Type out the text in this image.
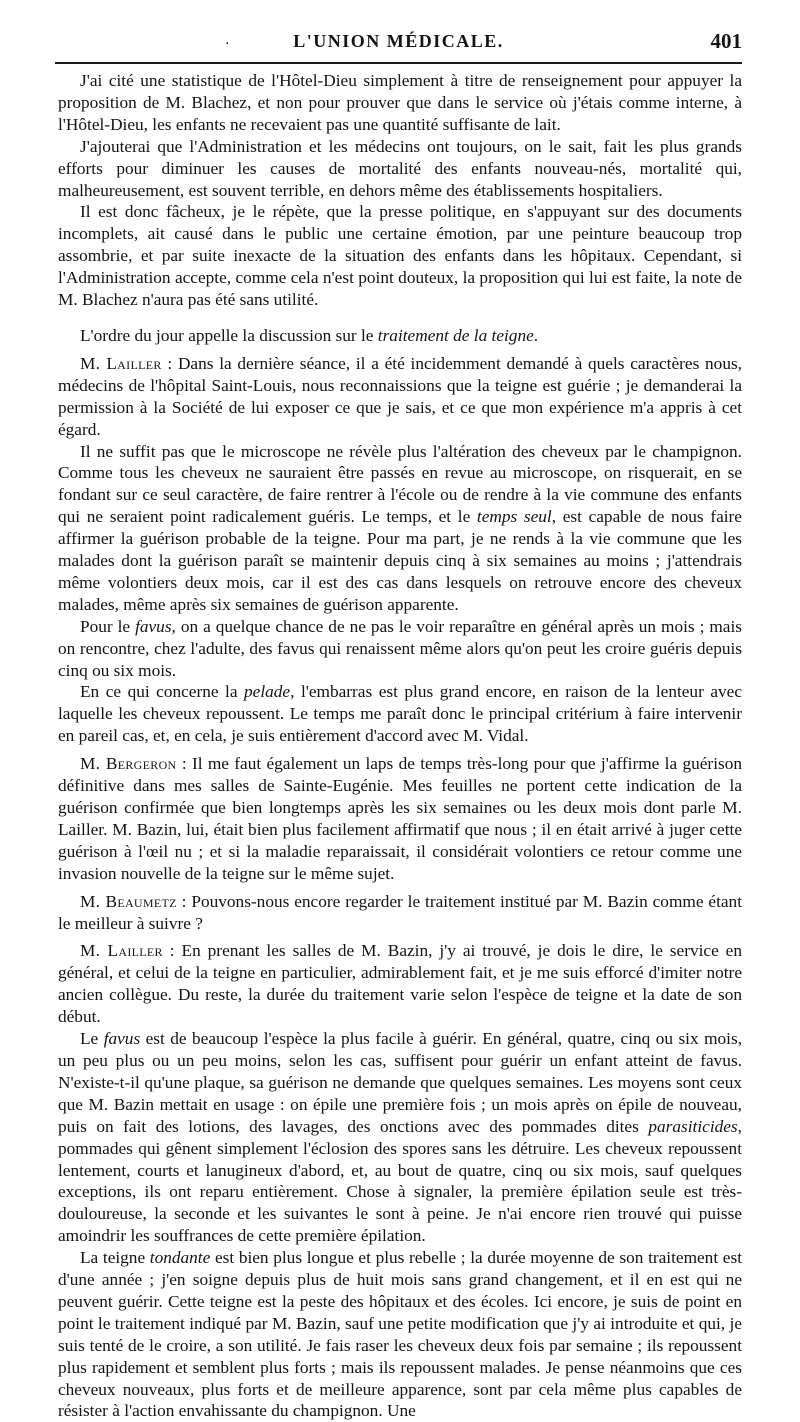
·	L'UNION MÉDICALE.	401

J'ai cité une statistique de l'Hôtel-Dieu simplement à titre de renseignement pour appuyer la proposition de M. Blachez, et non pour prouver que dans le service où j'étais comme interne, à l'Hôtel-Dieu, les enfants ne recevaient pas une quantité suffisante de lait.

J'ajouterai que l'Administration et les médecins ont toujours, on le sait, fait les plus grands efforts pour diminuer les causes de mortalité des enfants nouveau-nés, mortalité qui, malheureusement, est souvent terrible, en dehors même des établissements hospitaliers.

Il est donc fâcheux, je le répète, que la presse politique, en s'appuyant sur des documents incomplets, ait causé dans le public une certaine émotion, par une peinture beaucoup trop assombrie, et par suite inexacte de la situation des enfants dans les hôpitaux. Cependant, si l'Administration accepte, comme cela n'est point douteux, la proposition qui lui est faite, la note de M. Blachez n'aura pas été sans utilité.

L'ordre du jour appelle la discussion sur le traitement de la teigne.

M. Lailler : Dans la dernière séance, il a été incidemment demandé à quels caractères nous, médecins de l'hôpital Saint-Louis, nous reconnaissions que la teigne est guérie ; je demanderai la permission à la Société de lui exposer ce que je sais, et ce que mon expérience m'a appris à cet égard.

Il ne suffit pas que le microscope ne révèle plus l'altération des cheveux par le champignon. Comme tous les cheveux ne sauraient être passés en revue au microscope, on risquerait, en se fondant sur ce seul caractère, de faire rentrer à l'école ou de rendre à la vie commune des enfants qui ne seraient point radicalement guéris. Le temps, et le temps seul, est capable de nous faire affirmer la guérison probable de la teigne. Pour ma part, je ne rends à la vie commune que les malades dont la guérison paraît se maintenir depuis cinq à six semaines au moins ; j'attendrais même volontiers deux mois, car il est des cas dans lesquels on retrouve encore des cheveux malades, même après six semaines de guérison apparente.

Pour le favus, on a quelque chance de ne pas le voir reparaître en général après un mois ; mais on rencontre, chez l'adulte, des favus qui renaissent même alors qu'on peut les croire guéris depuis cinq ou six mois.

En ce qui concerne la pelade, l'embarras est plus grand encore, en raison de la lenteur avec laquelle les cheveux repoussent. Le temps me paraît donc le principal critérium à faire intervenir en pareil cas, et, en cela, je suis entièrement d'accord avec M. Vidal.

M. Bergeron : Il me faut également un laps de temps très-long pour que j'affirme la guérison définitive dans mes salles de Sainte-Eugénie. Mes feuilles ne portent cette indication de la guérison confirmée que bien longtemps après les six semaines ou les deux mois dont parle M. Lailler. M. Bazin, lui, était bien plus facilement affirmatif que nous ; il en était arrivé à juger cette guérison à l'œil nu ; et si la maladie reparaissait, il considérait volontiers ce retour comme une invasion nouvelle de la teigne sur le même sujet.

M. Beaumetz : Pouvons-nous encore regarder le traitement institué par M. Bazin comme étant le meilleur à suivre ?

M. Lailler : En prenant les salles de M. Bazin, j'y ai trouvé, je dois le dire, le service en général, et celui de la teigne en particulier, admirablement fait, et je me suis efforcé d'imiter notre ancien collègue. Du reste, la durée du traitement varie selon l'espèce de teigne et la date de son début.

Le favus est de beaucoup l'espèce la plus facile à guérir. En général, quatre, cinq ou six mois, un peu plus ou un peu moins, selon les cas, suffisent pour guérir un enfant atteint de favus. N'existe-t-il qu'une plaque, sa guérison ne demande que quelques semaines. Les moyens sont ceux que M. Bazin mettait en usage : on épile une première fois ; un mois après on épile de nouveau, puis on fait des lotions, des lavages, des onctions avec des pommades dites parasiticides, pommades qui gênent simplement l'éclosion des spores sans les détruire. Les cheveux repoussent lentement, courts et lanugineux d'abord, et, au bout de quatre, cinq ou six mois, sauf quelques exceptions, ils ont reparu entièrement. Chose à signaler, la première épilation seule est très-douloureuse, la seconde et les suivantes le sont à peine. Je n'ai encore rien trouvé qui puisse amoindrir les souffrances de cette première épilation.

La teigne tondante est bien plus longue et plus rebelle ; la durée moyenne de son traitement est d'une année ; j'en soigne depuis plus de huit mois sans grand changement, et il en est qui ne peuvent guérir. Cette teigne est la peste des hôpitaux et des écoles. Ici encore, je suis de point en point le traitement indiqué par M. Bazin, sauf une petite modification que j'y ai introduite et qui, je suis tenté de le croire, a son utilité. Je fais raser les cheveux deux fois par semaine ; ils repoussent plus rapidement et semblent plus forts ; mais ils repoussent malades. Je pense néanmoins que ces cheveux nouveaux, plus forts et de meilleure apparence, sont par cela même plus capables de résister à l'action envahissante du champignon. Une
